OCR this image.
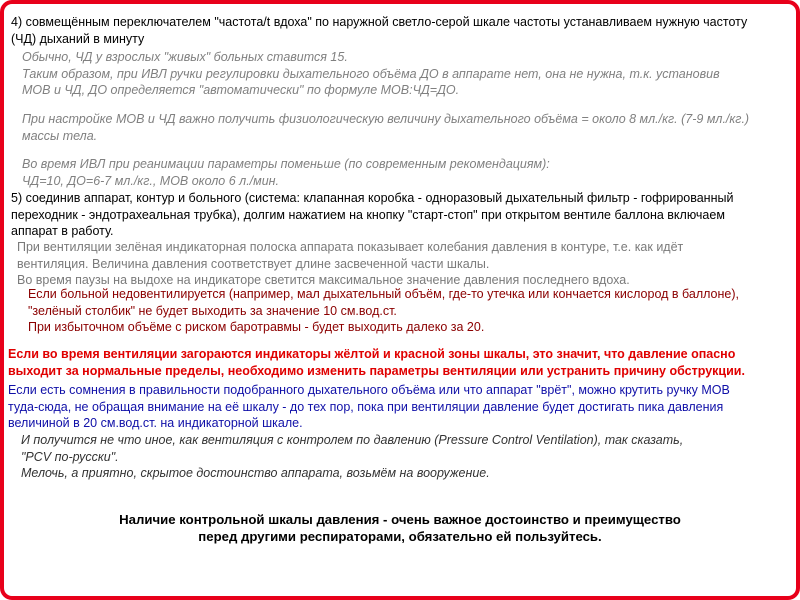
4) совмещённым переключателем "частота/t вдоха" по наружной светло-серой шкале частоты устанавливаем нужную частоту
(ЧД) дыханий в минуту
Обычно, ЧД у взрослых "живых" больных ставится 15.
Таким образом, при ИВЛ ручки регулировки дыхательного объёма ДО в аппарате нет, она не нужна, т.к. установив
МОВ и ЧД, ДО определяется "автоматически" по формуле МОВ:ЧД=ДО.
При настройке МОВ и ЧД важно получить физиологическую величину дыхательного объёма = около 8 мл./кг. (7-9 мл./кг.)
массы тела.
Во время ИВЛ при реанимации параметры поменьше (по современным рекомендациям):
ЧД=10, ДО=6-7 мл./кг., МОВ около 6 л./мин.
5) соединив аппарат, контур и больного (система: клапанная коробка - одноразовый дыхательный фильтр - гофрированный
переходник - эндотрахеальная трубка), долгим нажатием на кнопку "старт-стоп" при открытом вентиле баллона включаем
аппарат в работу.
При вентиляции зелёная индикаторная полоска аппарата показывает колебания давления в контуре, т.е. как идёт
вентиляция. Величина давления соответствует длине засвеченной части шкалы.
Во время паузы на выдохе на индикаторе светится максимальное значение давления последнего вдоха.
Если больной недовентилируется (например, мал дыхательный объём, где-то утечка или кончается кислород в баллоне),
"зелёный столбик" не будет выходить за значение 10 см.вод.ст.
При избыточном объёме с риском баротравмы - будет выходить далеко за 20.
Если во время вентиляции загораются индикаторы жёлтой и красной зоны шкалы, это значит, что давление опасно
выходит за нормальные пределы, необходимо изменить параметры вентиляции или устранить причину обструкции.
Если есть сомнения в правильности подобранного дыхательного объёма или что аппарат "врёт", можно крутить ручку МОВ
туда-сюда, не обращая внимание на её шкалу - до тех пор, пока при вентиляции давление будет достигать пика давления
величиной в 20 см.вод.ст. на индикаторной шкале.
И получится не что иное, как вентиляция с контролем по давлению (Pressure Control Ventilation), так сказать,
"PCV по-русски".
Мелочь, а приятно, скрытое достоинство аппарата, возьмём на вооружение.
Наличие контрольной шкалы давления - очень важное достоинство и преимущество
перед другими респираторами, обязательно ей пользуйтесь.
